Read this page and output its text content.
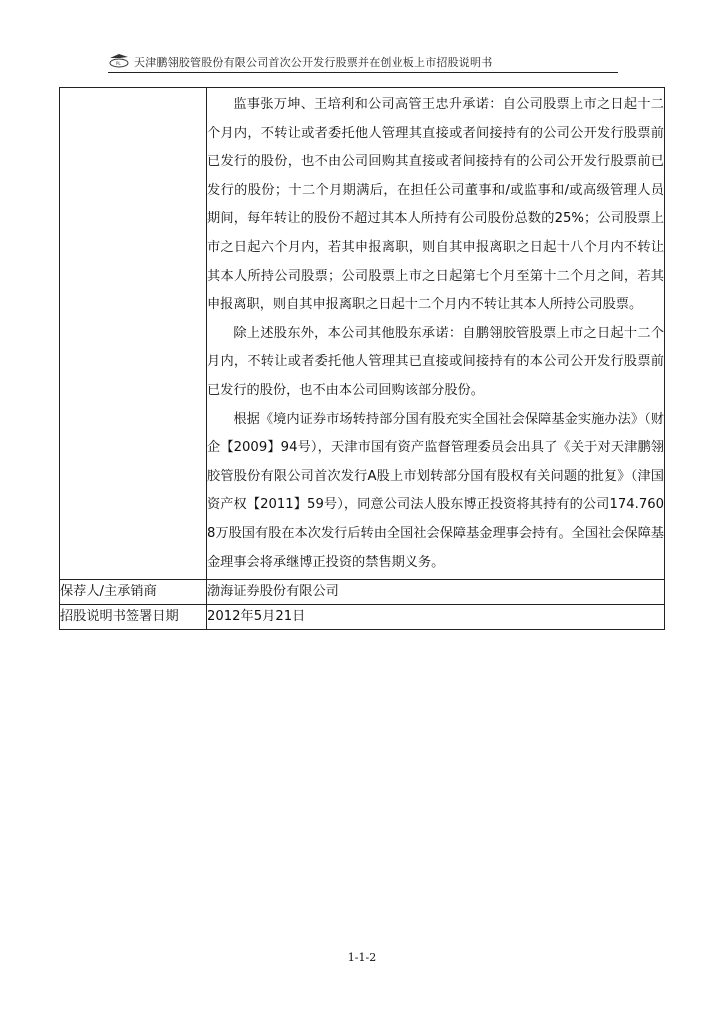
PL 天津鹏翎胶管股份有限公司首次公开发行股票并在创业板上市招股说明书

	监事张万坤、王培利和公司高管王忠升承诺：自公司股票上市之日起十二个月内，不转让或者委托他人管理其直接或者间接持有的公司公开发行股票前已发行的股份，也不由公司回购其直接或者间接持有的公司公开发行股票前已发行的股份；十二个月期满后，在担任公司董事和/或监事和/或高级管理人员期间，每年转让的股份不超过其本人所持有公司股份总数的25%；公司股票上市之日起六个月内，若其申报离职，则自其申报离职之日起十八个月内不转让其本人所持公司股票；公司股票上市之日起第七个月至第十二个月之间，若其申报离职，则自其申报离职之日起十二个月内不转让其本人所持公司股票。

除上述股东外，本公司其他股东承诺：自鹏翎胶管股票上市之日起十二个月内，不转让或者委托他人管理其已直接或间接持有的本公司公开发行股票前已发行的股份，也不由本公司回购该部分股份。

根据《境内证券市场转持部分国有股充实全国社会保障基金实施办法》（财企【2009】94号），天津市国有资产监督管理委员会出具了《关于对天津鹏翎胶管股份有限公司首次发行A股上市划转部分国有股权有关问题的批复》（津国资产权【2011】59号），同意公司法人股东博正投资将其持有的公司174.7608万股国有股在本次发行后转由全国社会保障基金理事会持有。全国社会保障基金理事会将承继博正投资的禁售期义务。

保荐人/主承销商	渤海证券股份有限公司
招股说明书签署日期	2012年5月21日
1-1-2
